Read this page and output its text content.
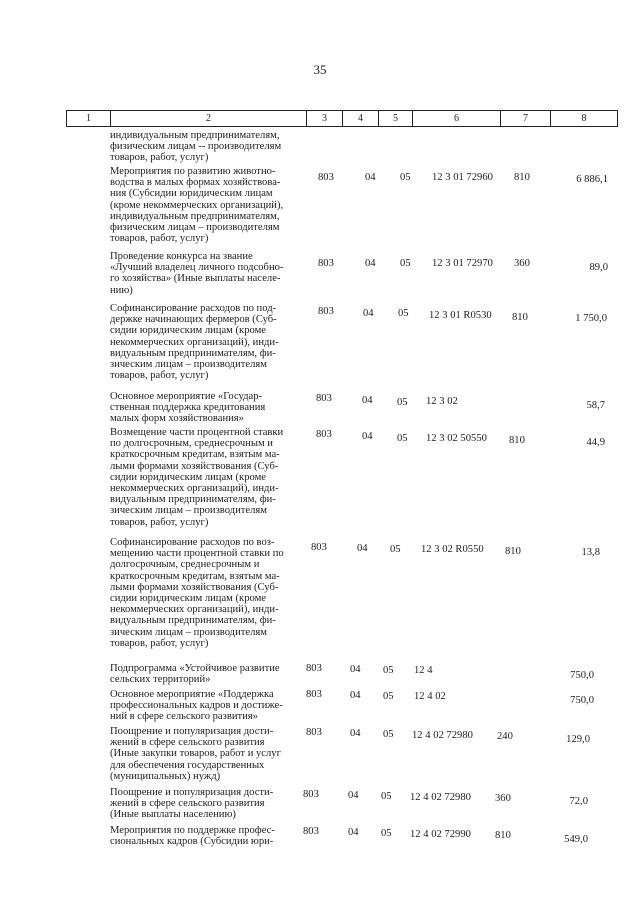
35
1	2	3	4	5	6	7	8
индивидуальным предпринимателям,
физическим лицам -- производителям
товаров, работ, услуг)
Мероприятия по развитию животно-
водства в малых формах хозяйствова-
ния (Субсидии юридическим лицам
(кроме некоммерческих организаций),
индивидуальным предпринимателям,
физическим лицам – производителям
товаров, работ, услуг)
803	04 05 12 3 01 72960 810	6 886,1
Проведение конкурса на звание
«Лучший владелец личного подсобно-
го хозяйства» (Иные выплаты населе-
нию)
803	04 05 12 3 01 72970 360	89,0
Софинансирование расходов по под-
держке начинающих фермеров (Суб-
сидии юридическим лицам (кроме
некоммерческих организаций), инди-
видуальным предпринимателям, фи-
зическим лицам – производителям
товаров, работ, услуг)
803	04 05 12 3 01 R0530 810	1 750,0
Основное мероприятие «Государ-
ственная поддержка кредитования
малых форм хозяйствования»
803	04 05 12 3 02	58,7
Возмещение части процентной ставки
по долгосрочным, среднесрочным и
краткосрочным кредитам, взятым ма-
лыми формами хозяйствования (Суб-
сидии юридическим лицам (кроме
некоммерческих организаций), инди-
видуальным предпринимателям, фи-
зическим лицам – производителям
товаров, работ, услуг)
803	04 05 12 3 02 50550 810	44,9
Софинансирование расходов по воз-
мещению части процентной ставки по
долгосрочным, среднесрочным и
краткосрочным кредитам, взятым ма-
лыми формами хозяйствования (Суб-
сидии юридическим лицам (кроме
некоммерческих организаций), инди-
видуальным предпринимателям, фи-
зическим лицам – производителям
товаров, работ, услуг)
803	04 05 12 3 02 R0550 810	13,8
Подпрограмма «Устойчивое развитие
сельских территорий»
803	04 05 12 4	750,0
Основное мероприятие «Поддержка
профессиональных кадров и достиже-
ний в сфере сельского развития»
803	04 05 12 4 02	750,0
Поощрение и популяризация дости-
жений в сфере сельского развития
(Иные закупки товаров, работ и услуг
для обеспечения государственных
(муниципальных) нужд)
803	04 05 12 4 02 72980 240	129,0
Поощрение и популяризация дости-
жений в сфере сельского развития
(Иные выплаты населению)
803	04 05 12 4 02 72980 360	72,0
Мероприятия по поддержке профес-
сиональных кадров (Субсидии юри-
803	04 05 12 4 02 72990 810	549,0
